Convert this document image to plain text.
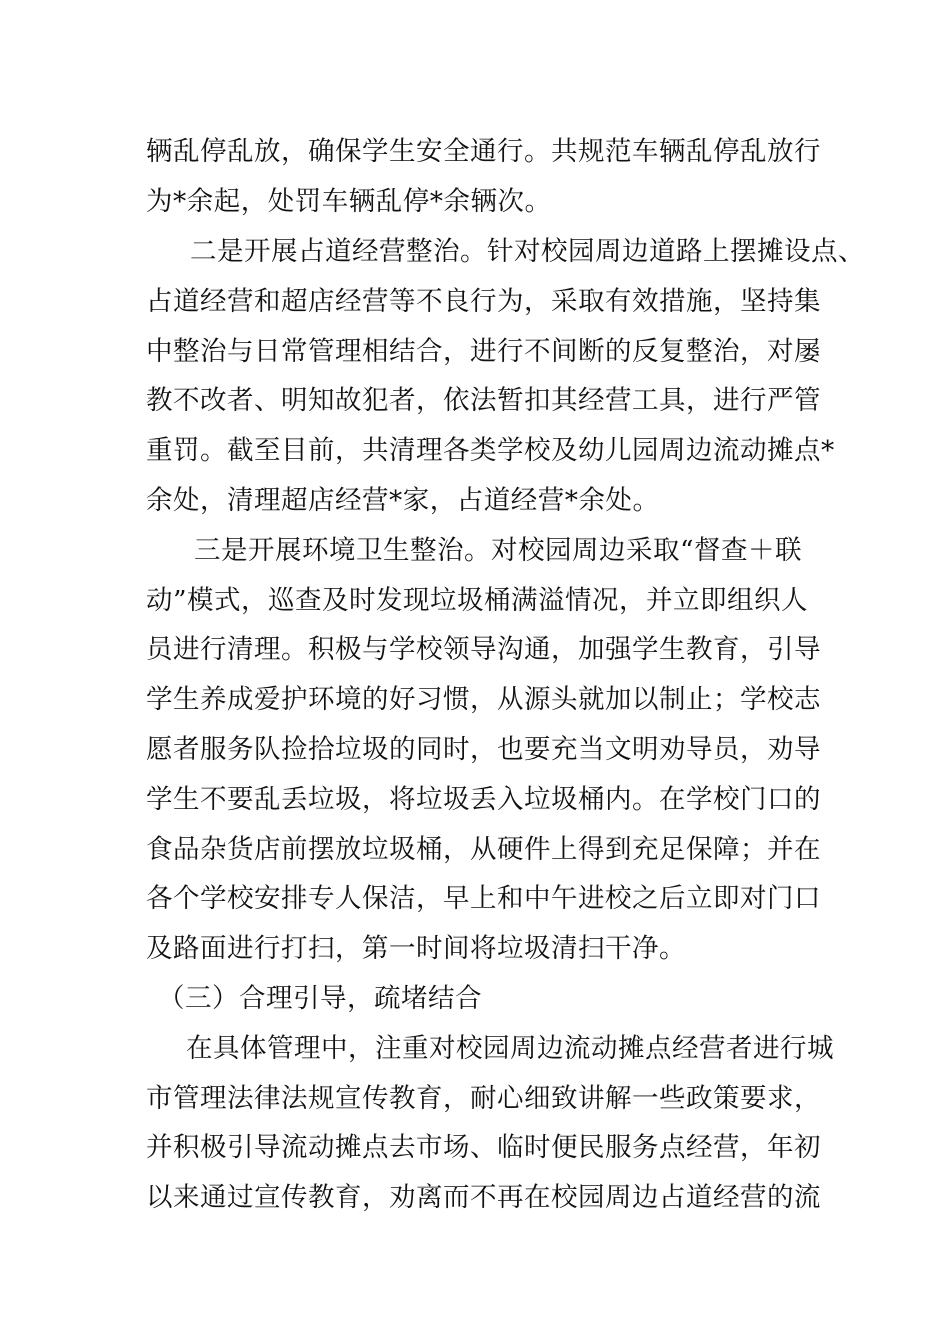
辆乱停乱放，确保学生安全通行。共规范车辆乱停乱放行
为*余起，处罚车辆乱停*余辆次。
二是开展占道经营整治。针对校园周边道路上摆摊设点、
占道经营和超店经营等不良行为，采取有效措施，坚持集
中整治与日常管理相结合，进行不间断的反复整治，对屡
教不改者、明知故犯者，依法暂扣其经营工具，进行严管
重罚。截至目前，共清理各类学校及幼儿园周边流动摊点*
余处，清理超店经营*家，占道经营*余处。
三是开展环境卫生整治。对校园周边采取“督查＋联
动”模式，巡查及时发现垃圾桶满溢情况，并立即组织人
员进行清理。积极与学校领导沟通，加强学生教育，引导
学生养成爱护环境的好习惯，从源头就加以制止；学校志
愿者服务队捡拾垃圾的同时，也要充当文明劝导员，劝导
学生不要乱丢垃圾，将垃圾丢入垃圾桶内。在学校门口的
食品杂货店前摆放垃圾桶，从硬件上得到充足保障；并在
各个学校安排专人保洁，早上和中午进校之后立即对门口
及路面进行打扫，第一时间将垃圾清扫干净。
（三）合理引导，疏堵结合
在具体管理中，注重对校园周边流动摊点经营者进行城
市管理法律法规宣传教育，耐心细致讲解一些政策要求，
并积极引导流动摊点去市场、临时便民服务点经营，年初
以来通过宣传教育，劝离而不再在校园周边占道经营的流
